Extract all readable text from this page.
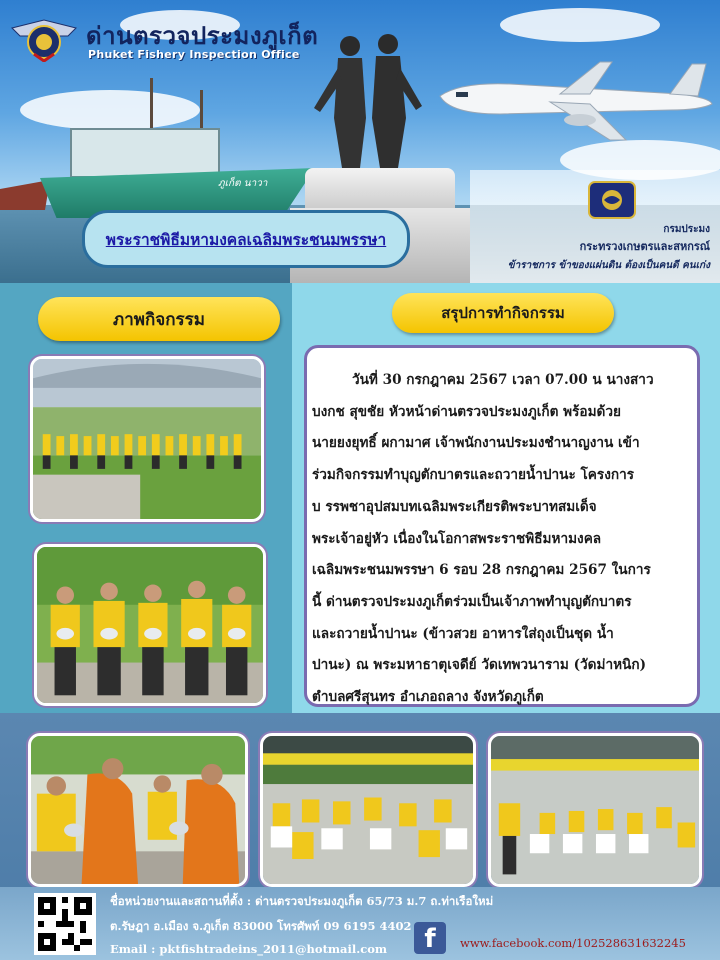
ภูเก็ต นาวา
ด่านตรวจประมงภูเก็ต
Phuket Fishery Inspection Office
พระราชพิธีมหามงคลเฉลิมพระชนมพรรษา
กรมประมง
กระทรวงเกษตรและสหกรณ์
ข้าราชการ ข้าของแผ่นดิน ต้องเป็นคนดี คนเก่ง
ภาพกิจกรรม	สรุปการทำกิจกรรม
วันที่ 30 กรกฎาคม 2567 เวลา 07.00 น นางสาว
บงกช สุขชัย หัวหน้าด่านตรวจประมงภูเก็ต พร้อมด้วย
นายยงยุทธิ์ ผกามาศ เจ้าพนักงานประมงชำนาญงาน เข้า
ร่วมกิจกรรมทำบุญตักบาตรและถวายน้ำปานะ โครงการ
บ รรพชาอุปสมบทเฉลิมพระเกียรติพระบาทสมเด็จ
พระเจ้าอยู่หัว เนื่องในโอกาสพระราชพิธีมหามงคล
เฉลิมพระชนมพรรษา 6 รอบ 28 กรกฎาคม 2567 ในการ
นี้ ด่านตรวจประมงภูเก็ตร่วมเป็นเจ้าภาพทำบุญตักบาตร
และถวายน้ำปานะ (ข้าวสวย อาหารใส่ถุงเป็นชุด น้ำ
ปานะ) ณ พระมหาธาตุเจดีย์ วัดเทพวนาราม (วัดม่าหนิก)
ตำบลศรีสุนทร อำเภอถลาง จังหวัดภูเก็ต
ชื่อหน่วยงานและสถานที่ตั้ง : ด่านตรวจประมงภูเก็ต 65/73 ม.7 ถ.ท่าเรือใหม่
ต.รัษฎา อ.เมือง จ.ภูเก็ต 83000 โทรศัพท์ 09 6195 4402
Email : pktfishtradeins_2011@hotmail.com	f	www.facebook.com/102528631632245
